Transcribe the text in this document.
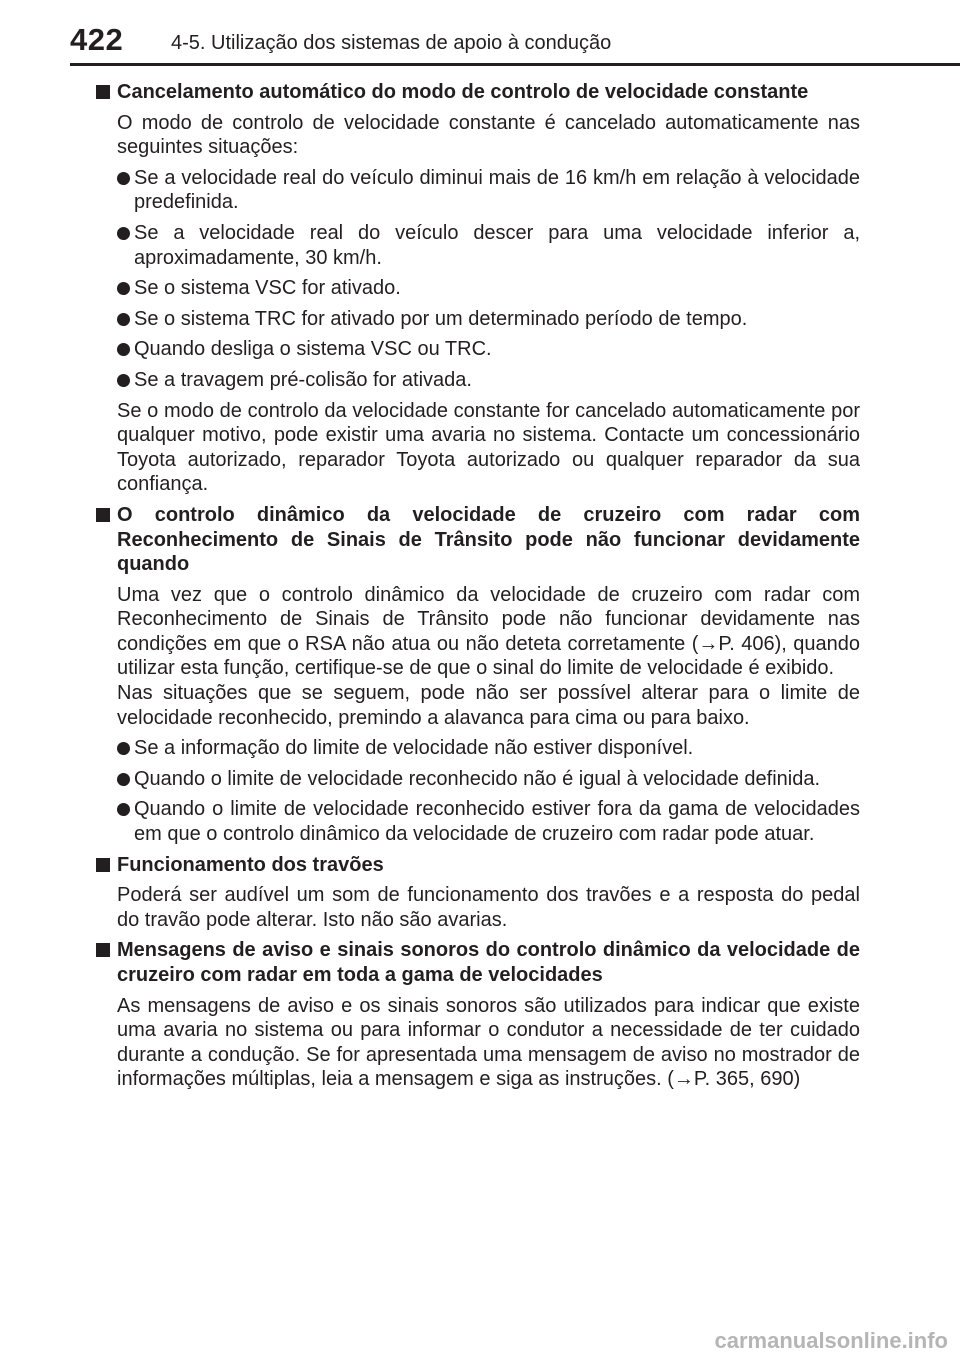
422 4-5. Utilização dos sistemas de apoio à condução
Cancelamento automático do modo de controlo de velocidade constante
O modo de controlo de velocidade constante é cancelado automaticamente nas seguintes situações:
Se a velocidade real do veículo diminui mais de 16 km/h em relação à velocidade predefinida.
Se a velocidade real do veículo descer para uma velocidade inferior a, aproximadamente, 30 km/h.
Se o sistema VSC for ativado.
Se o sistema TRC for ativado por um determinado período de tempo.
Quando desliga o sistema VSC ou TRC.
Se a travagem pré-colisão for ativada.
Se o modo de controlo da velocidade constante for cancelado automaticamente por qualquer motivo, pode existir uma avaria no sistema. Contacte um concessionário Toyota autorizado, reparador Toyota autorizado ou qualquer reparador da sua confiança.
O controlo dinâmico da velocidade de cruzeiro com radar com Reconhecimento de Sinais de Trânsito pode não funcionar devidamente quando
Uma vez que o controlo dinâmico da velocidade de cruzeiro com radar com Reconhecimento de Sinais de Trânsito pode não funcionar devidamente nas condições em que o RSA não atua ou não deteta corretamente (→P. 406), quando utilizar esta função, certifique-se de que o sinal do limite de velocidade é exibido.
Nas situações que se seguem, pode não ser possível alterar para o limite de velocidade reconhecido, premindo a alavanca para cima ou para baixo.
Se a informação do limite de velocidade não estiver disponível.
Quando o limite de velocidade reconhecido não é igual à velocidade definida.
Quando o limite de velocidade reconhecido estiver fora da gama de velocidades em que o controlo dinâmico da velocidade de cruzeiro com radar pode atuar.
Funcionamento dos travões
Poderá ser audível um som de funcionamento dos travões e a resposta do pedal do travão pode alterar. Isto não são avarias.
Mensagens de aviso e sinais sonoros do controlo dinâmico da velocidade de cruzeiro com radar em toda a gama de velocidades
As mensagens de aviso e os sinais sonoros são utilizados para indicar que existe uma avaria no sistema ou para informar o condutor a necessidade de ter cuidado durante a condução. Se for apresentada uma mensagem de aviso no mostrador de informações múltiplas, leia a mensagem e siga as instruções. (→P. 365, 690)
carmanualsonline.info
